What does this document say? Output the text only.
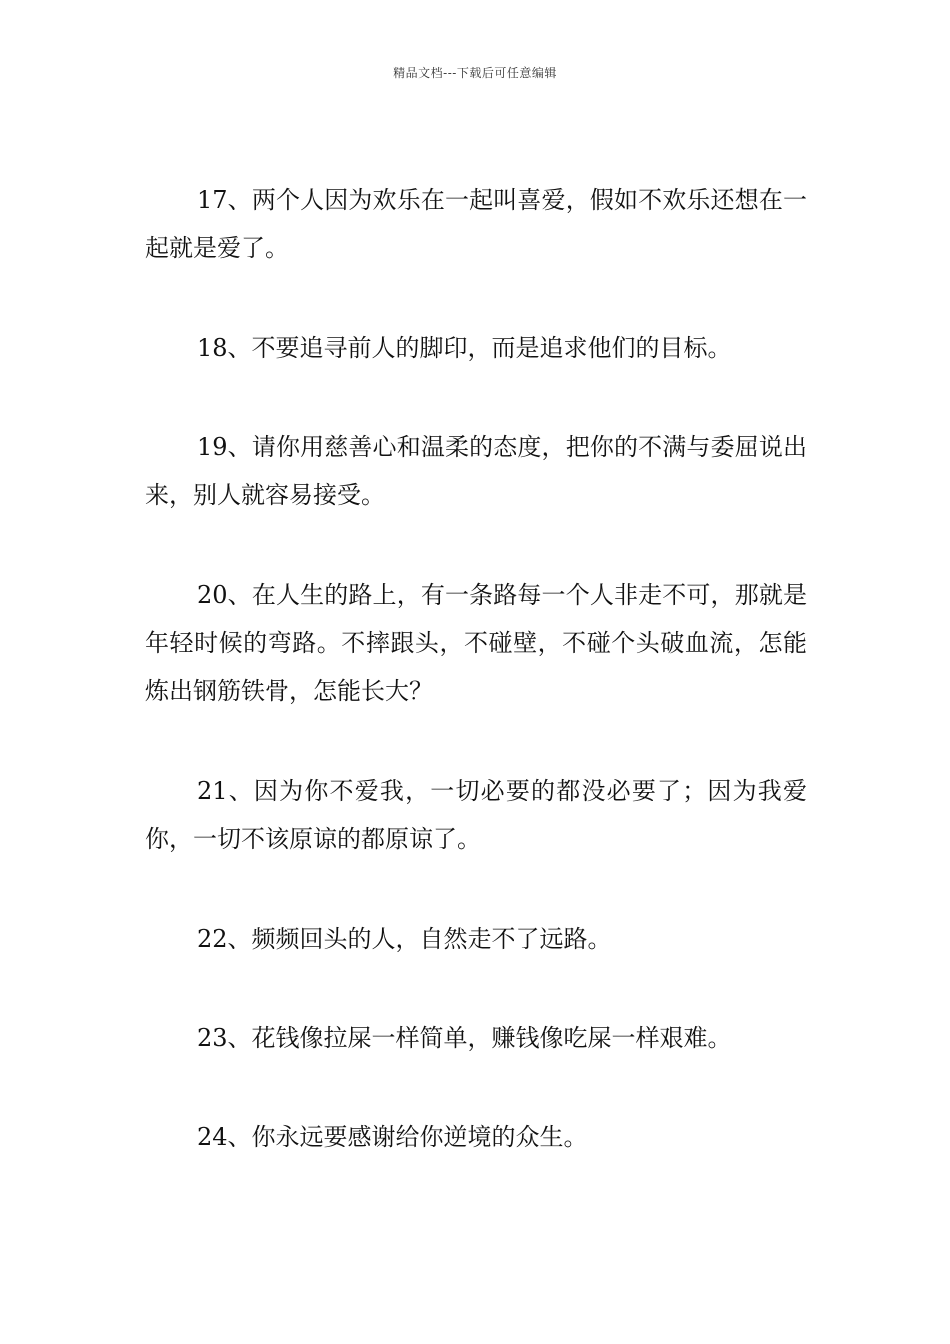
精品文档---下载后可任意编辑

17、两个人因为欢乐在一起叫喜爱，假如不欢乐还想在一起就是爱了。

18、不要追寻前人的脚印，而是追求他们的目标。

19、请你用慈善心和温柔的态度，把你的不满与委屈说出来，别人就容易接受。

20、在人生的路上，有一条路每一个人非走不可，那就是年轻时候的弯路。不摔跟头，不碰壁，不碰个头破血流，怎能炼出钢筋铁骨，怎能长大？

21、因为你不爱我，一切必要的都没必要了；因为我爱你，一切不该原谅的都原谅了。

22、频频回头的人，自然走不了远路。

23、花钱像拉屎一样简单，赚钱像吃屎一样艰难。

24、你永远要感谢给你逆境的众生。
